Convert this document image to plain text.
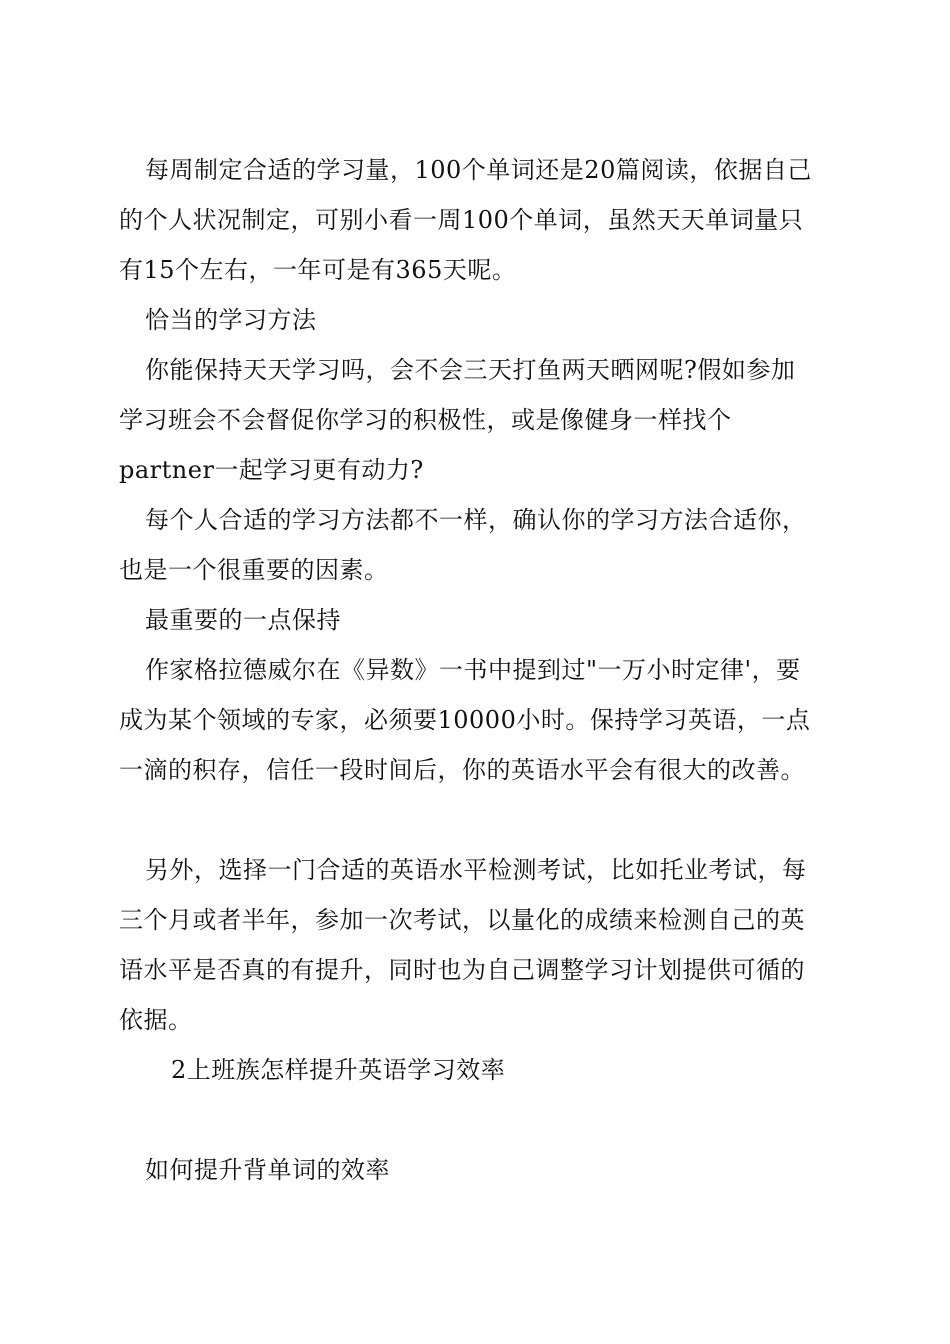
每周制定合适的学习量，100个单词还是20篇阅读，依据自己
的个人状况制定，可别小看一周100个单词，虽然天天单词量只
有15个左右，一年可是有365天呢。
恰当的学习方法
你能保持天天学习吗，会不会三天打鱼两天晒网呢?假如参加
学习班会不会督促你学习的积极性，或是像健身一样找个
partner一起学习更有动力?
每个人合适的学习方法都不一样，确认你的学习方法合适你，
也是一个很重要的因素。
最重要的一点保持
作家格拉德威尔在《异数》一书中提到过"一万小时定律'，要
成为某个领域的专家，必须要10000小时。保持学习英语，一点
一滴的积存，信任一段时间后，你的英语水平会有很大的改善。
另外，选择一门合适的英语水平检测考试，比如托业考试，每
三个月或者半年，参加一次考试，以量化的成绩来检测自己的英
语水平是否真的有提升，同时也为自己调整学习计划提供可循的
依据。
2上班族怎样提升英语学习效率
如何提升背单词的效率
